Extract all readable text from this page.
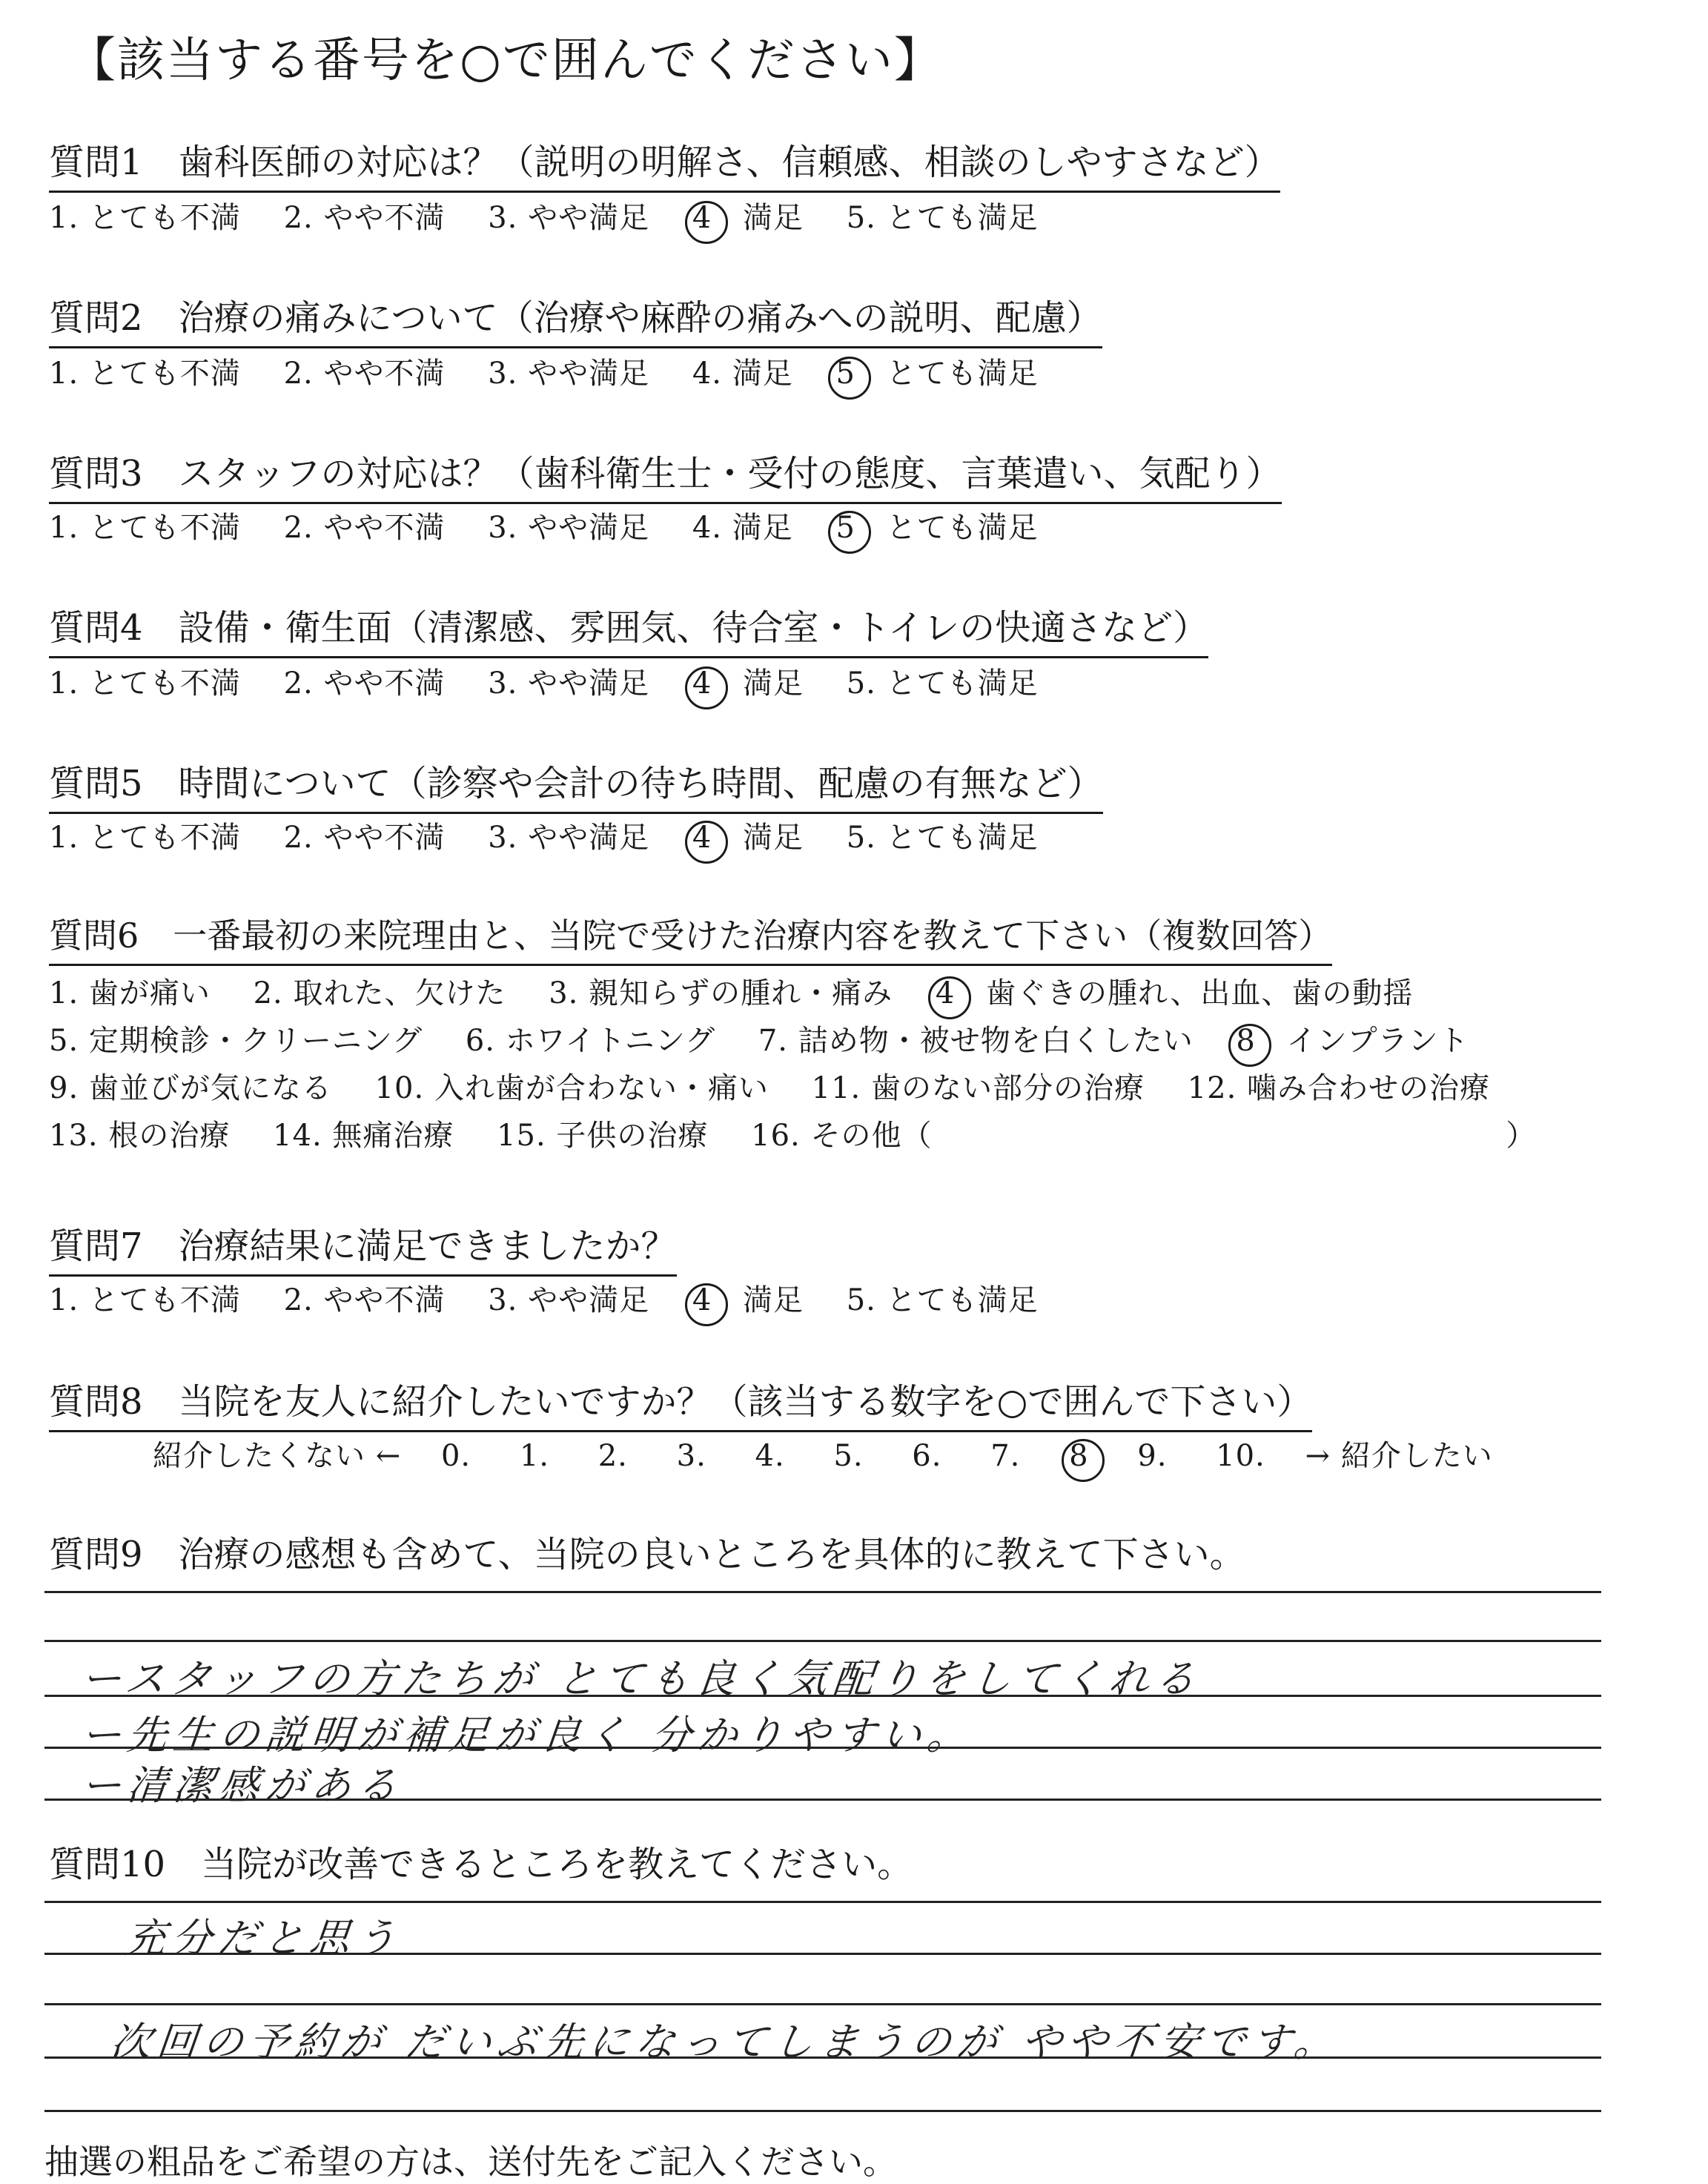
【該当する番号を○で囲んでください】
質問1　歯科医師の対応は？（説明の明解さ、信頼感、相談のしやすさなど）
1. とても不満 2. やや不満 3. やや満足 4 満足 5. とても満足
質問2　治療の痛みについて（治療や麻酔の痛みへの説明、配慮）
1. とても不満 2. やや不満 3. やや満足 4. 満足 5 とても満足
質問3　スタッフの対応は？（歯科衛生士・受付の態度、言葉遣い、気配り）
1. とても不満 2. やや不満 3. やや満足 4. 満足 5 とても満足
質問4　設備・衛生面（清潔感、雰囲気、待合室・トイレの快適さなど）
1. とても不満 2. やや不満 3. やや満足 4 満足 5. とても満足
質問5　時間について（診察や会計の待ち時間、配慮の有無など）
1. とても不満 2. やや不満 3. やや満足 4 満足 5. とても満足
質問6　一番最初の来院理由と、当院で受けた治療内容を教えて下さい（複数回答）
1. 歯が痛い 2. 取れた、欠けた 3. 親知らずの腫れ・痛み 4 歯ぐきの腫れ、出血、歯の動揺
5. 定期検診・クリーニング 6. ホワイトニング 7. 詰め物・被せ物を白くしたい 8 インプラント
9. 歯並びが気になる 10. 入れ歯が合わない・痛い 11. 歯のない部分の治療 12. 噛み合わせの治療
13. 根の治療 14. 無痛治療 15. 子供の治療 16. その他（	）
質問7　治療結果に満足できましたか？
1. とても不満 2. やや不満 3. やや満足 4 満足 5. とても満足
質問8　当院を友人に紹介したいですか？（該当する数字を○で囲んで下さい）
紹介したくない ← 0. 1. 2. 3. 4. 5. 6. 7. 8 9. 10. → 紹介したい
質問9　治療の感想も含めて、当院の良いところを具体的に教えて下さい。
ースタッフの方たちが とても良く気配りをしてくれる
ー先生の説明が補足が良く 分かりやすい。
ー清潔感がある
質問10　当院が改善できるところを教えてください。
充分だと思う
次回の予約が だいぶ先になってしまうのが やや不安です。
抽選の粗品をご希望の方は、送付先をご記入ください。
